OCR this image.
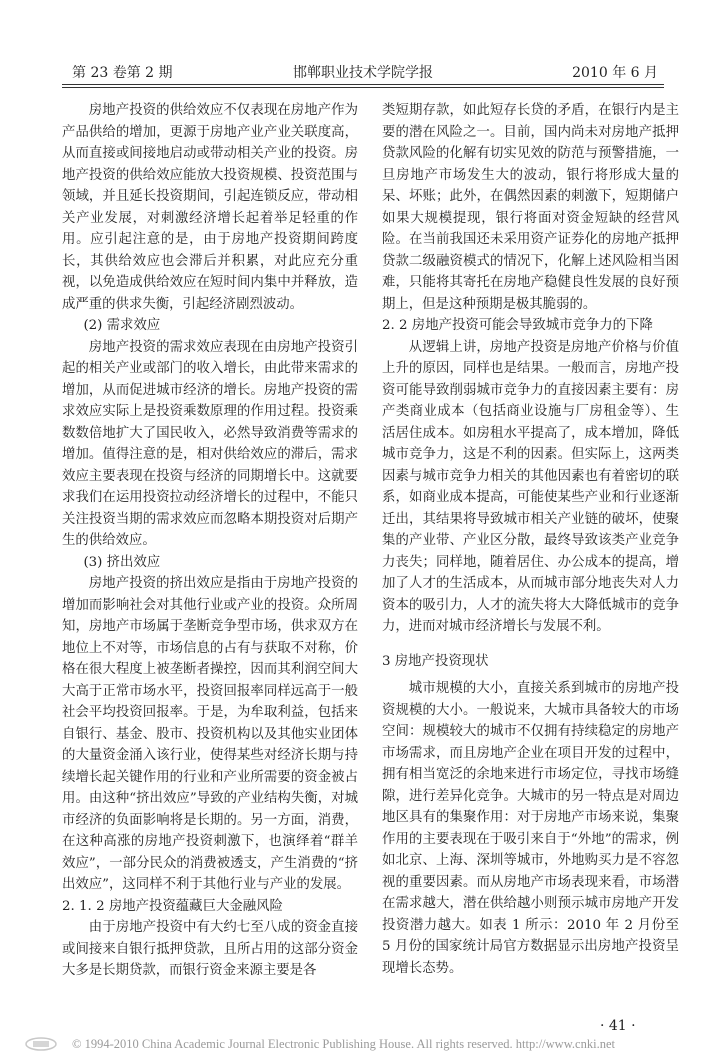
第 23 卷第 2 期	邯郸职业技术学院学报	2010 年 6 月

房地产投资的供给效应不仅表现在房地产作为产品供给的增加，更源于房地产业产业关联度高，从而直接或间接地启动或带动相关产业的投资。房地产投资的供给效应能放大投资规模、投资范围与领域，并且延长投资期间，引起连锁反应，带动相关产业发展，对刺激经济增长起着举足轻重的作用。应引起注意的是，由于房地产投资期间跨度长，其供给效应也会滞后并积累，对此应充分重视，以免造成供给效应在短时间内集中并释放，造成严重的供求失衡，引起经济剧烈波动。

(2) 需求效应

房地产投资的需求效应表现在由房地产投资引起的相关产业或部门的收入增长，由此带来需求的增加，从而促进城市经济的增长。房地产投资的需求效应实际上是投资乘数原理的作用过程。投资乘数数倍地扩大了国民收入，必然导致消费等需求的增加。值得注意的是，相对供给效应的滞后，需求效应主要表现在投资与经济的同期增长中。这就要求我们在运用投资拉动经济增长的过程中，不能只关注投资当期的需求效应而忽略本期投资对后期产生的供给效应。

(3) 挤出效应

房地产投资的挤出效应是指由于房地产投资的增加而影响社会对其他行业或产业的投资。众所周知，房地产市场属于垄断竞争型市场，供求双方在地位上不对等，市场信息的占有与获取不对称，价格在很大程度上被垄断者操控，因而其利润空间大大高于正常市场水平，投资回报率同样远高于一般社会平均投资回报率。于是，为牟取利益，包括来自银行、基金、股市、投资机构以及其他实业团体的大量资金涌入该行业，使得某些对经济长期与持续增长起关键作用的行业和产业所需要的资金被占用。由这种“挤出效应”导致的产业结构失衡，对城市经济的负面影响将是长期的。另一方面，消费，在这种高涨的房地产投资刺激下，也演绎着“群羊效应”，一部分民众的消费被透支，产生消费的“挤出效应”，这同样不利于其他行业与产业的发展。

2. 1. 2 房地产投资蕴藏巨大金融风险

由于房地产投资中有大约七至八成的资金直接或间接来自银行抵押贷款，且所占用的这部分资金大多是长期贷款，而银行资金来源主要是各

类短期存款，如此短存长贷的矛盾，在银行内是主要的潜在风险之一。目前，国内尚未对房地产抵押贷款风险的化解有切实见效的防范与预警措施，一旦房地产市场发生大的波动，银行将形成大量的呆、坏账；此外，在偶然因素的刺激下，短期储户如果大规模提现，银行将面对资金短缺的经营风险。在当前我国还未采用资产证券化的房地产抵押贷款二级融资模式的情况下，化解上述风险相当困难，只能将其寄托在房地产稳健良性发展的良好预期上，但是这种预期是极其脆弱的。

2. 2 房地产投资可能会导致城市竞争力的下降

从逻辑上讲，房地产投资是房地产价格与价值上升的原因，同样也是结果。一般而言，房地产投资可能导致削弱城市竞争力的直接因素主要有：房产类商业成本（包括商业设施与厂房租金等）、生活居住成本。如房租水平提高了，成本增加，降低城市竞争力，这是不利的因素。但实际上，这两类因素与城市竞争力相关的其他因素也有着密切的联系，如商业成本提高，可能使某些产业和行业逐渐迁出，其结果将导致城市相关产业链的破坏，使聚集的产业带、产业区分散，最终导致该类产业竞争力丧失；同样地，随着居住、办公成本的提高，增加了人才的生活成本，从而城市部分地丧失对人力资本的吸引力，人才的流失将大大降低城市的竞争力，进而对城市经济增长与发展不利。

3 房地产投资现状

城市规模的大小，直接关系到城市的房地产投资规模的大小。一般说来，大城市具备较大的市场空间：规模较大的城市不仅拥有持续稳定的房地产市场需求，而且房地产企业在项目开发的过程中，拥有相当宽泛的余地来进行市场定位，寻找市场缝隙，进行差异化竞争。大城市的另一特点是对周边地区具有的集聚作用：对于房地产市场来说，集聚作用的主要表现在于吸引来自于“外地”的需求，例如北京、上海、深圳等城市，外地购买力是不容忽视的重要因素。而从房地产市场表现来看，市场潜在需求越大，潜在供给越小则预示城市房地产开发投资潜力越大。如表 1 所示：2010 年 2 月份至 5 月份的国家统计局官方数据显示出房地产投资呈现增长态势。

· 41 ·
© 1994-2010 China Academic Journal Electronic Publishing House. All rights reserved. http://www.cnki.net
